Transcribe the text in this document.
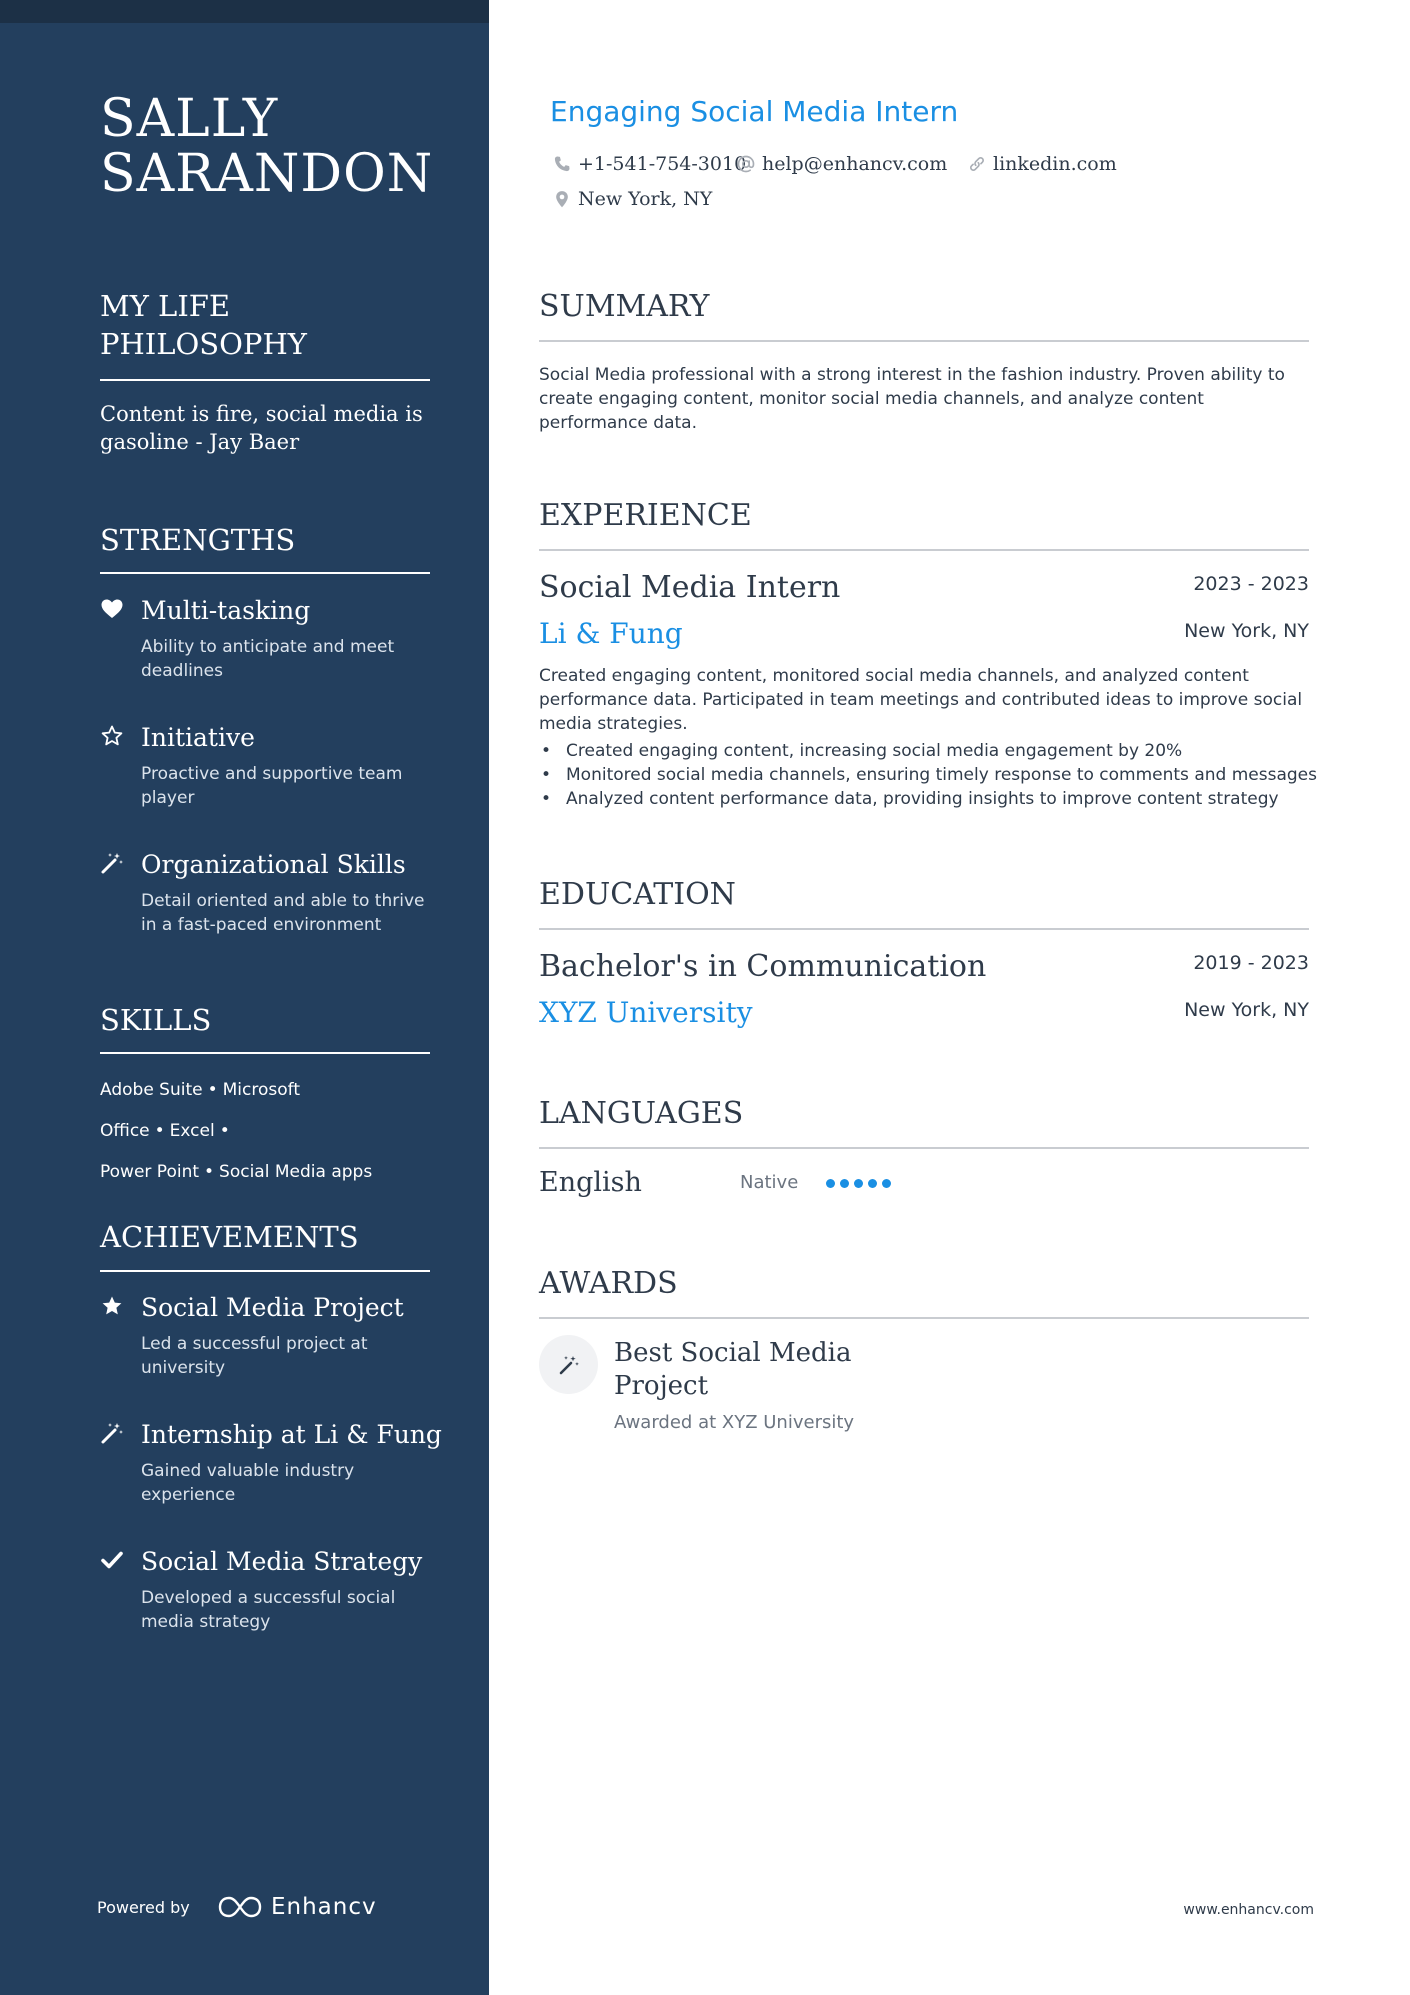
SALLY
SARANDON
MY LIFE
PHILOSOPHY
Content is fire, social media is gasoline - Jay Baer
STRENGTHS
Multi-tasking
Ability to anticipate and meet deadlines
Initiative
Proactive and supportive team player
Organizational Skills
Detail oriented and able to thrive in a fast-paced environment
SKILLS
Adobe Suite • Microsoft Office • Excel •
Power Point • Social Media apps
ACHIEVEMENTS
Social Media Project
Led a successful project at university
Internship at Li & Fung
Gained valuable industry experience
Social Media Strategy
Developed a successful social media strategy
Powered by	Enhancv
Engaging Social Media Intern
+1-541-754-3010 help@enhancv.com linkedin.com
New York, NY
SUMMARY
Social Media professional with a strong interest in the fashion industry. Proven ability to create engaging content, monitor social media channels, and analyze content performance data.
EXPERIENCE
Social Media Intern	2023 - 2023
Li & Fung	New York, NY
Created engaging content, monitored social media channels, and analyzed content performance data. Participated in team meetings and contributed ideas to improve social media strategies.
• Created engaging content, increasing social media engagement by 20%
• Monitored social media channels, ensuring timely response to comments and messages
• Analyzed content performance data, providing insights to improve content strategy
EDUCATION
Bachelor's in Communication	2019 - 2023
XYZ University	New York, NY
LANGUAGES
English	Native
AWARDS
Best Social Media Project
Awarded at XYZ University
www.enhancv.com
